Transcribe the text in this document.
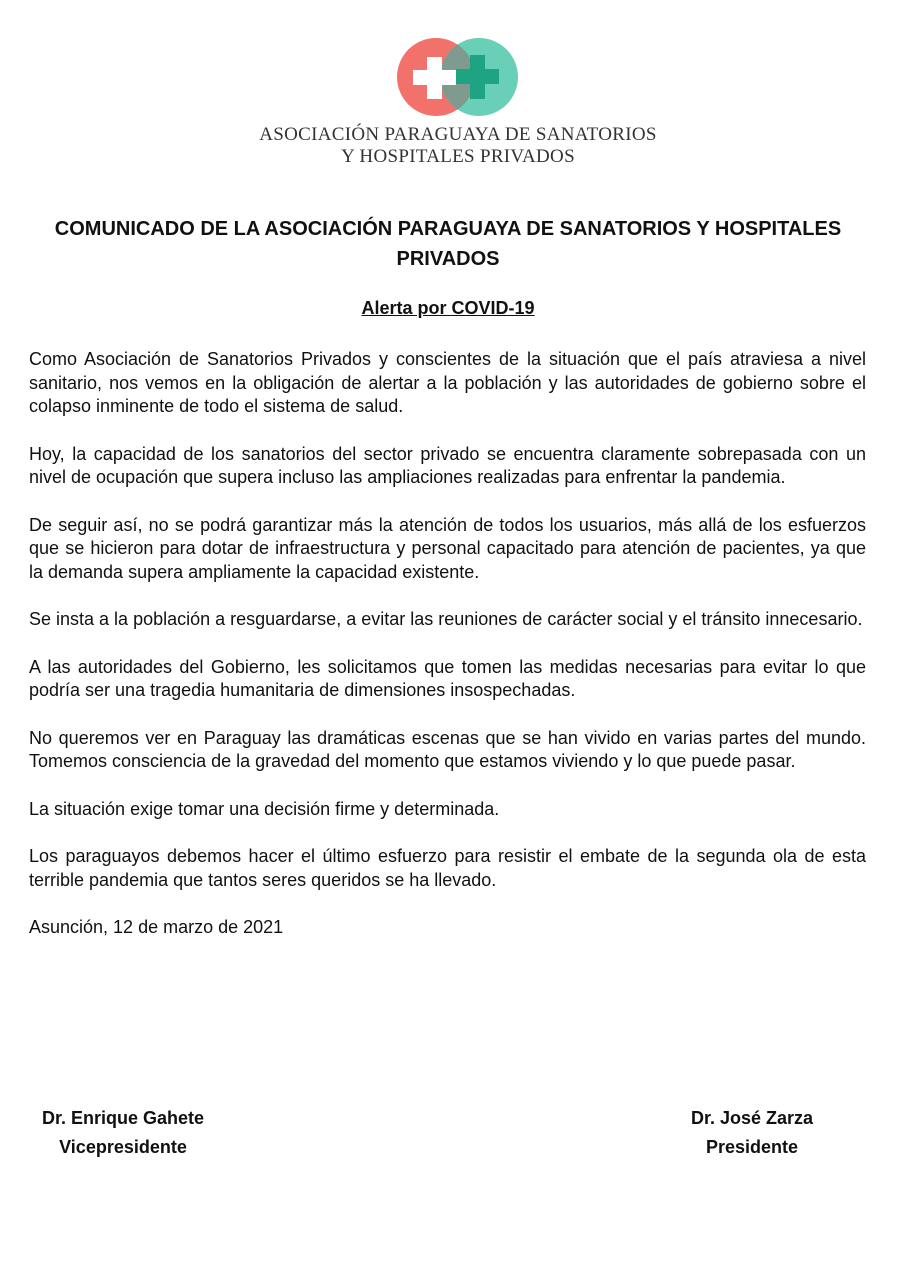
ASOCIACIÓN PARAGUAYA DE SANATORIOS
Y HOSPITALES PRIVADOS
COMUNICADO DE LA ASOCIACIÓN PARAGUAYA DE SANATORIOS Y HOSPITALES PRIVADOS
Alerta por COVID-19

Como Asociación de Sanatorios Privados y conscientes de la situación que el país atraviesa a nivel sanitario, nos vemos en la obligación de alertar a la población y las autoridades de gobierno sobre el colapso inminente de todo el sistema de salud.

Hoy, la capacidad de los sanatorios del sector privado se encuentra claramente sobrepasada con un nivel de ocupación que supera incluso las ampliaciones realizadas para enfrentar la pandemia.

De seguir así, no se podrá garantizar más la atención de todos los usuarios, más allá de los esfuerzos que se hicieron para dotar de infraestructura y personal capacitado para atención de pacientes, ya que la demanda supera ampliamente la capacidad existente.

Se insta a la población a resguardarse, a evitar las reuniones de carácter social y el tránsito innecesario.

A las autoridades del Gobierno, les solicitamos que tomen las medidas necesarias para evitar lo que podría ser una tragedia humanitaria de dimensiones insospechadas.

No queremos ver en Paraguay las dramáticas escenas que se han vivido en varias partes del mundo. Tomemos consciencia de la gravedad del momento que estamos viviendo y lo que puede pasar.

La situación exige tomar una decisión firme y determinada.

Los paraguayos debemos hacer el último esfuerzo para resistir el embate de la segunda ola de esta terrible pandemia que tantos seres queridos se ha llevado.

Asunción, 12 de marzo de 2021

Dr. Enrique Gahete
Vicepresidente
Dr. José Zarza
Presidente
